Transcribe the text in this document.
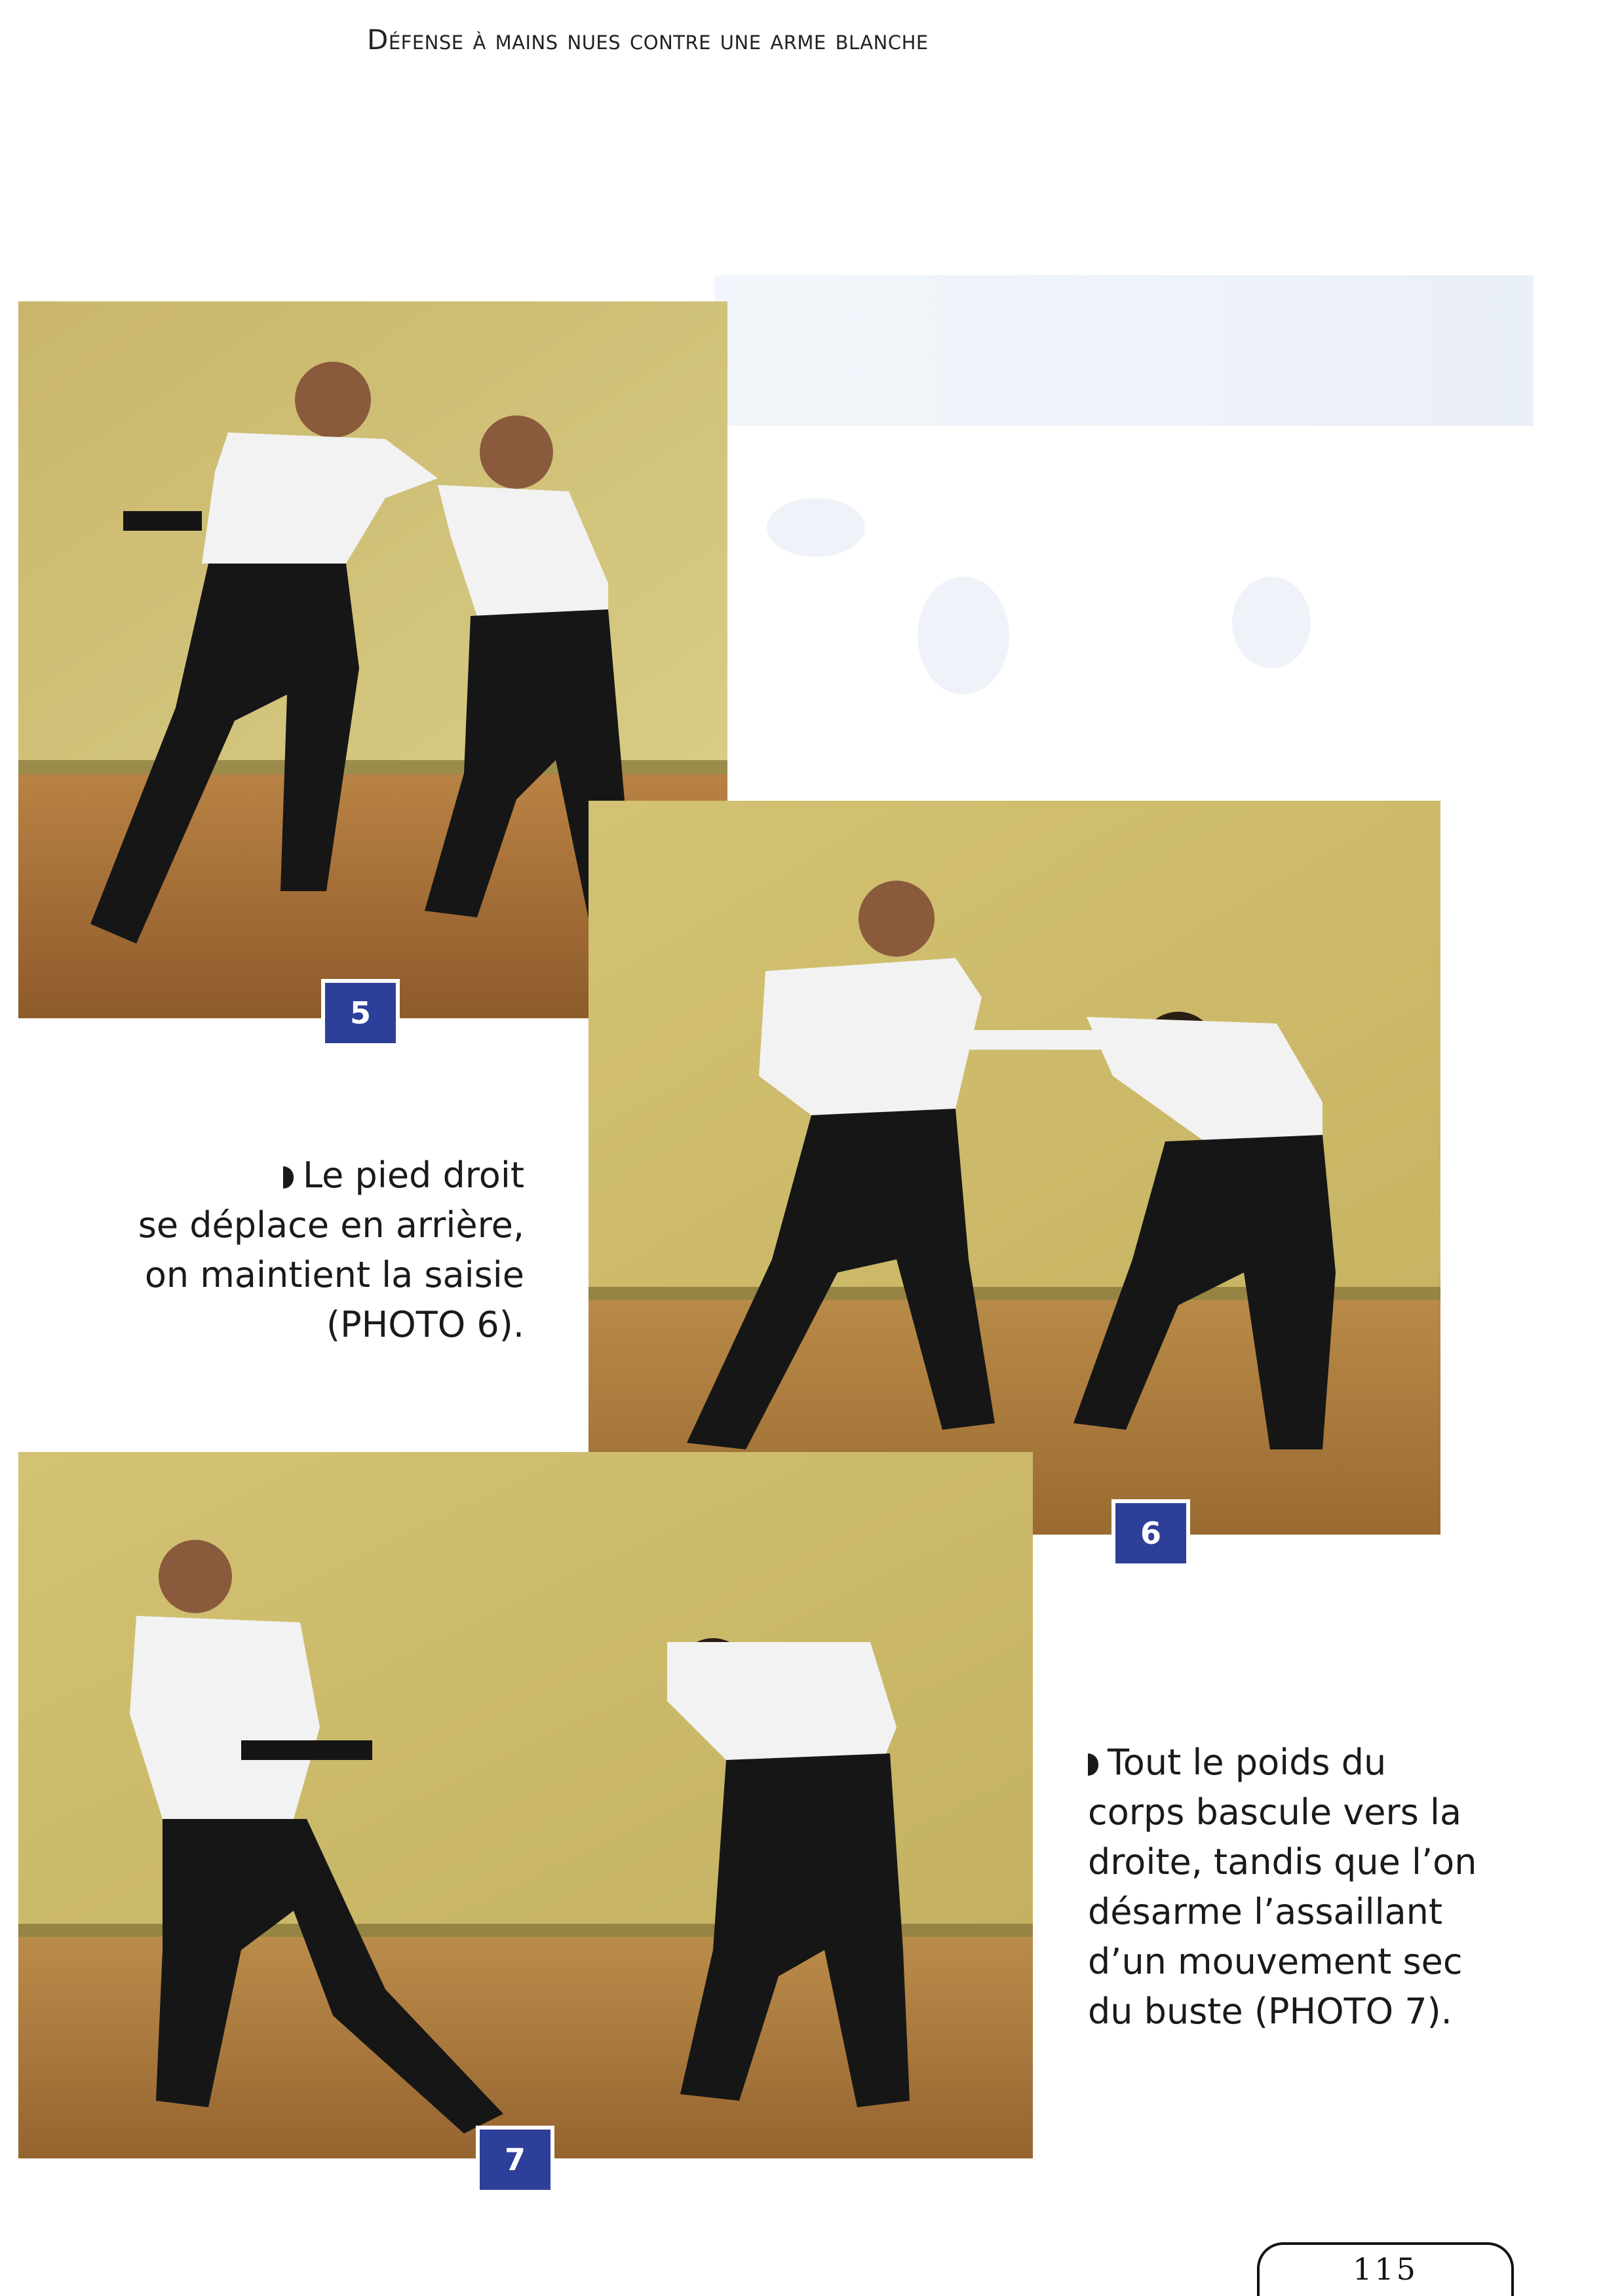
Défense à mains nues contre une arme blanche
5
6
7
Le pied droit
se déplace en arrière,
on maintient la saisie
(PHOTO 6).
Tout le poids du
corps bascule vers la
droite, tandis que l’on
désarme l’assaillant
d’un mouvement sec
du buste (PHOTO 7).
115
